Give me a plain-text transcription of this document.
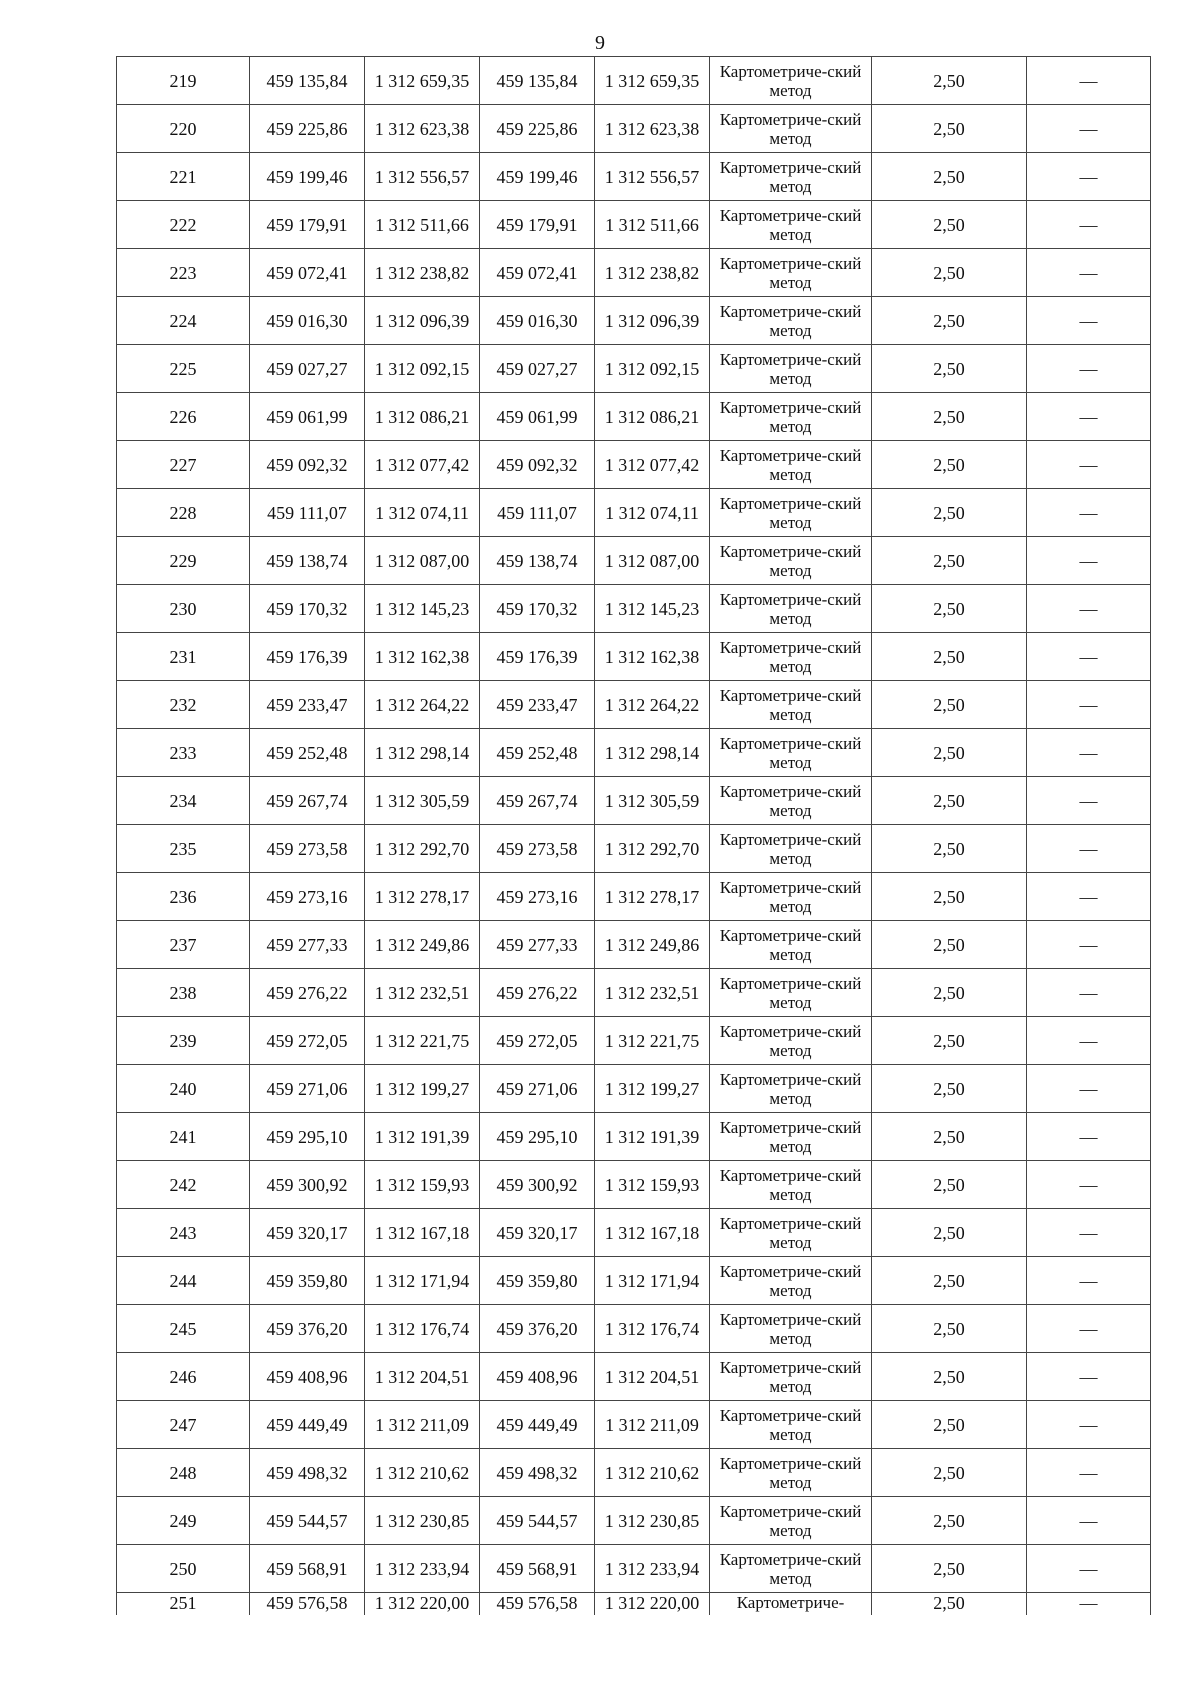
9
219	459 135,84	1 312 659,35	459 135,84	1 312 659,35	Картометриче-ский метод	2,50	—
220	459 225,86	1 312 623,38	459 225,86	1 312 623,38	Картометриче-ский метод	2,50	—
221	459 199,46	1 312 556,57	459 199,46	1 312 556,57	Картометриче-ский метод	2,50	—
222	459 179,91	1 312 511,66	459 179,91	1 312 511,66	Картометриче-ский метод	2,50	—
223	459 072,41	1 312 238,82	459 072,41	1 312 238,82	Картометриче-ский метод	2,50	—
224	459 016,30	1 312 096,39	459 016,30	1 312 096,39	Картометриче-ский метод	2,50	—
225	459 027,27	1 312 092,15	459 027,27	1 312 092,15	Картометриче-ский метод	2,50	—
226	459 061,99	1 312 086,21	459 061,99	1 312 086,21	Картометриче-ский метод	2,50	—
227	459 092,32	1 312 077,42	459 092,32	1 312 077,42	Картометриче-ский метод	2,50	—
228	459 111,07	1 312 074,11	459 111,07	1 312 074,11	Картометриче-ский метод	2,50	—
229	459 138,74	1 312 087,00	459 138,74	1 312 087,00	Картометриче-ский метод	2,50	—
230	459 170,32	1 312 145,23	459 170,32	1 312 145,23	Картометриче-ский метод	2,50	—
231	459 176,39	1 312 162,38	459 176,39	1 312 162,38	Картометриче-ский метод	2,50	—
232	459 233,47	1 312 264,22	459 233,47	1 312 264,22	Картометриче-ский метод	2,50	—
233	459 252,48	1 312 298,14	459 252,48	1 312 298,14	Картометриче-ский метод	2,50	—
234	459 267,74	1 312 305,59	459 267,74	1 312 305,59	Картометриче-ский метод	2,50	—
235	459 273,58	1 312 292,70	459 273,58	1 312 292,70	Картометриче-ский метод	2,50	—
236	459 273,16	1 312 278,17	459 273,16	1 312 278,17	Картометриче-ский метод	2,50	—
237	459 277,33	1 312 249,86	459 277,33	1 312 249,86	Картометриче-ский метод	2,50	—
238	459 276,22	1 312 232,51	459 276,22	1 312 232,51	Картометриче-ский метод	2,50	—
239	459 272,05	1 312 221,75	459 272,05	1 312 221,75	Картометриче-ский метод	2,50	—
240	459 271,06	1 312 199,27	459 271,06	1 312 199,27	Картометриче-ский метод	2,50	—
241	459 295,10	1 312 191,39	459 295,10	1 312 191,39	Картометриче-ский метод	2,50	—
242	459 300,92	1 312 159,93	459 300,92	1 312 159,93	Картометриче-ский метод	2,50	—
243	459 320,17	1 312 167,18	459 320,17	1 312 167,18	Картометриче-ский метод	2,50	—
244	459 359,80	1 312 171,94	459 359,80	1 312 171,94	Картометриче-ский метод	2,50	—
245	459 376,20	1 312 176,74	459 376,20	1 312 176,74	Картометриче-ский метод	2,50	—
246	459 408,96	1 312 204,51	459 408,96	1 312 204,51	Картометриче-ский метод	2,50	—
247	459 449,49	1 312 211,09	459 449,49	1 312 211,09	Картометриче-ский метод	2,50	—
248	459 498,32	1 312 210,62	459 498,32	1 312 210,62	Картометриче-ский метод	2,50	—
249	459 544,57	1 312 230,85	459 544,57	1 312 230,85	Картометриче-ский метод	2,50	—
250	459 568,91	1 312 233,94	459 568,91	1 312 233,94	Картометриче-ский метод	2,50	—
251	459 576,58	1 312 220,00	459 576,58	1 312 220,00	Картометриче-	2,50	—
